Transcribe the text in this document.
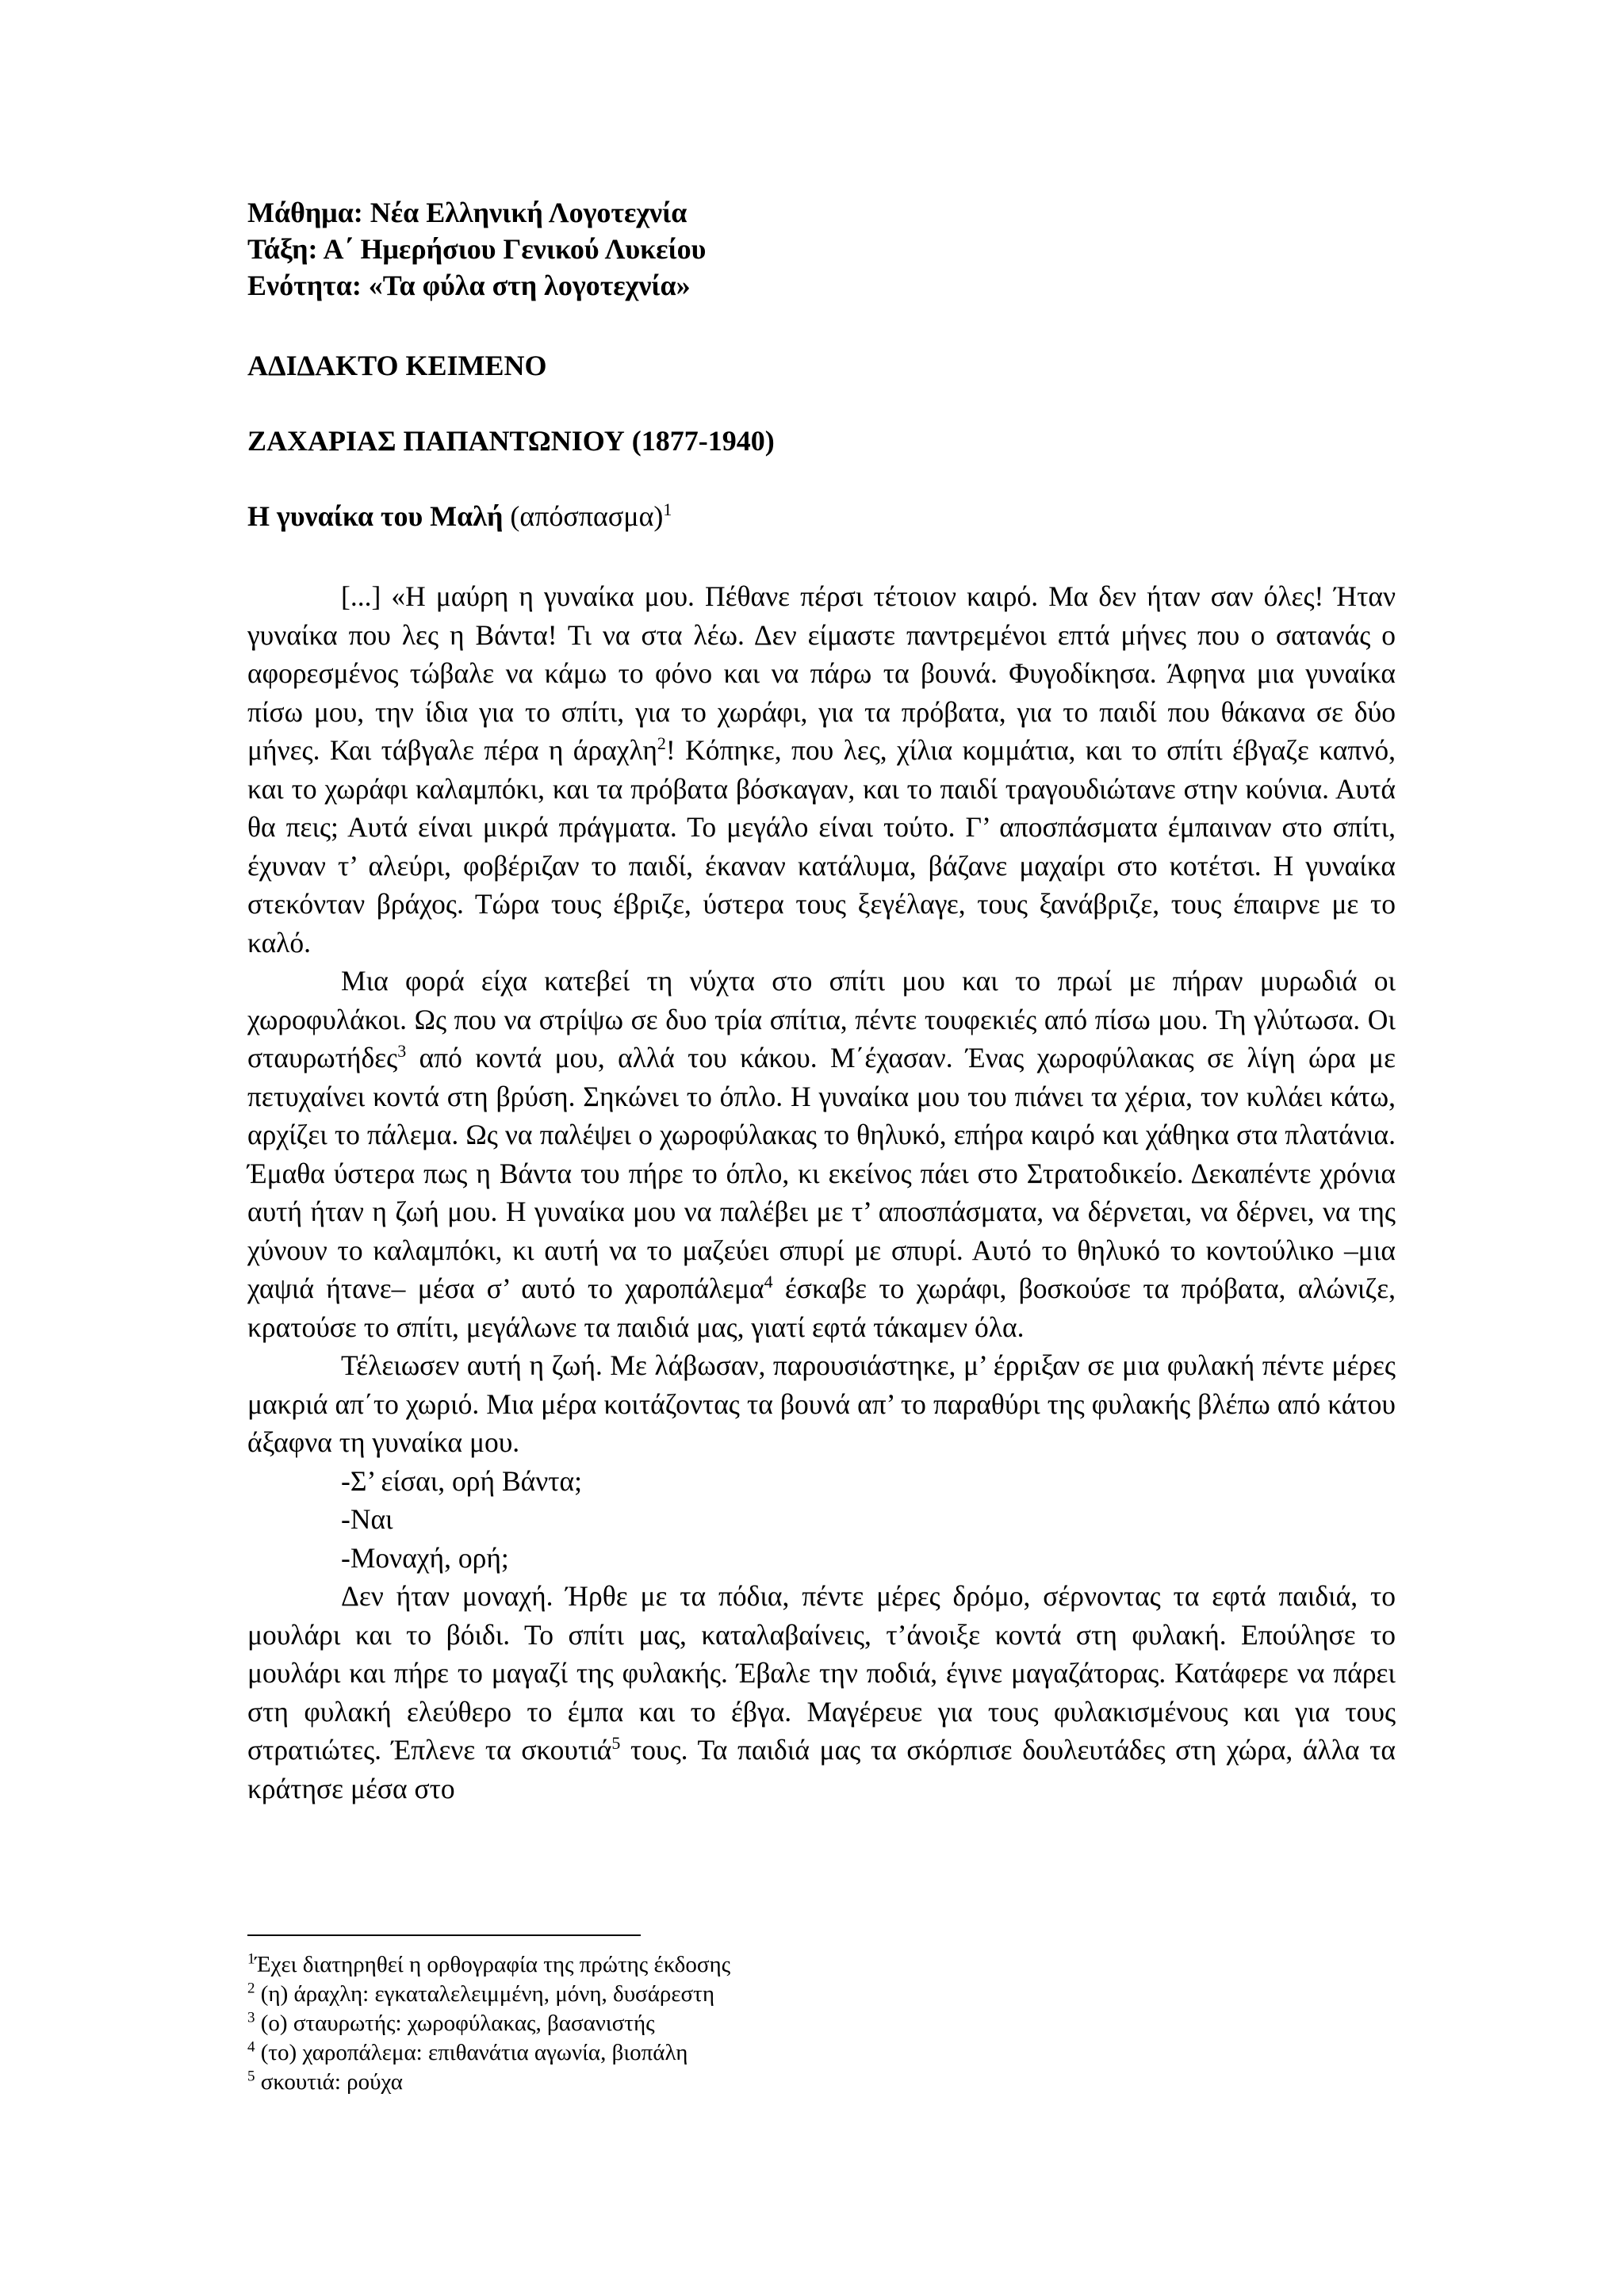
Μάθημα: Νέα Ελληνική Λογοτεχνία
Τάξη: Α΄ Ημερήσιου Γενικού Λυκείου
Ενότητα: «Τα φύλα στη λογοτεχνία»
ΑΔΙΔΑΚΤΟ ΚΕΙΜΕΝΟ
ΖΑΧΑΡΙΑΣ ΠΑΠΑΝΤΩΝΙΟΥ (1877-1940)
Η γυναίκα του Μαλή $(\alpha\pi ό\sigma\pi\alpha\sigma\mu\alpha)^1$

[...] «Η μαύρη η γυναίκα μου. Πέθανε πέρσι τέτοιον καιρό. Μα δεν ήταν σαν όλες! Ήταν γυναίκα που λες η Βάντα! Τι να στα λέω. Δεν είμαστε παντρεμένοι επτά μήνες που ο σατανάς ο αφορεσμένος τώβαλε να κάμω το φόνο και να πάρω τα βουνά. Φυγοδίκησα. Άφηνα μια γυναίκα πίσω μου, την ίδια για το σπίτι, για το χωράφι, για τα πρόβατα, για το παιδί που θάκανα σε δύο μήνες. Και τάβγαλε πέρα η άραχλη$^2$! Κόπηκε, που λες, χίλια κομμάτια, και το σπίτι έβγαζε καπνό, και το χωράφι καλαμπόκι, και τα πρόβατα βόσκαγαν, και το παιδί τραγουδιώτανε στην κούνια. Αυτά θα πεις; Αυτά είναι μικρά πράγματα. Το μεγάλο είναι τούτο. Γ’ αποσπάσματα έμπαιναν στο σπίτι, έχυναν τ’ αλεύρι, φοβέριζαν το παιδί, έκαναν κατάλυμα, βάζανε μαχαίρι στο κοτέτσι. Η γυναίκα στεκόνταν βράχος. Τώρα τους έβριζε, ύστερα τους ξεγέλαγε, τους ξανάβριζε, τους έπαιρνε με το καλό.

Μια φορά είχα κατεβεί τη νύχτα στο σπίτι μου και το πρωί με πήραν μυρωδιά οι χωροφυλάκοι. Ως που να στρίψω σε δυο τρία σπίτια, πέντε τουφεκιές από πίσω μου. Τη γλύτωσα. Οι σταυρωτήδες$^3$ από κοντά μου, αλλά του κάκου. Μ΄έχασαν. Ένας χωροφύλακας σε λίγη ώρα με πετυχαίνει κοντά στη βρύση. Σηκώνει το όπλο. Η γυναίκα μου του πιάνει τα χέρια, τον κυλάει κάτω, αρχίζει το πάλεμα. Ως να παλέψει ο χωροφύλακας το θηλυκό, επήρα καιρό και χάθηκα στα πλατάνια. Έμαθα ύστερα πως η Βάντα του πήρε το όπλο, κι εκείνος πάει στο Στρατοδικείο. Δεκαπέντε χρόνια αυτή ήταν η ζωή μου. Η γυναίκα μου να παλέβει με τ’ αποσπάσματα, να δέρνεται, να δέρνει, να της χύνουν το καλαμπόκι, κι αυτή να το μαζεύει σπυρί με σπυρί. Αυτό το θηλυκό το κοντούλικο –μια χαψιά ήτανε– μέσα σ’ αυτό το χαροπάλεμα$^4$ έσκαβε το χωράφι, βοσκούσε τα πρόβατα, αλώνιζε, κρατούσε το σπίτι, μεγάλωνε τα παιδιά μας, γιατί εφτά τάκαμεν όλα.

Τέλειωσεν αυτή η ζωή. Με λάβωσαν, παρουσιάστηκε, μ’ έρριξαν σε μια φυλακή πέντε μέρες μακριά απ΄το χωριό. Μια μέρα κοιτάζοντας τα βουνά απ’ το παραθύρι της φυλακής βλέπω από κάτου άξαφνα τη γυναίκα μου.

-Σ’ είσαι, ορή Βάντα;

-Ναι

-Μοναχή, ορή;

Δεν ήταν μοναχή. Ήρθε με τα πόδια, πέντε μέρες δρόμο, σέρνοντας τα εφτά παιδιά, το μουλάρι και το βόιδι. Το σπίτι μας, καταλαβαίνεις, τ’άνοιξε κοντά στη φυλακή. Επούλησε το μουλάρι και πήρε το μαγαζί της φυλακής. Έβαλε την ποδιά, έγινε μαγαζάτορας. Κατάφερε να πάρει στη φυλακή ελεύθερο το έμπα και το έβγα. Μαγέρευε για τους φυλακισμένους και για τους στρατιώτες. Έπλενε τα σκουτιά$^5$ τους. Τα παιδιά μας τα σκόρπισε δουλευτάδες στη χώρα, άλλα τα κράτησε μέσα στο

$^1$Έχει διατηρηθεί η ορθογραφία της πρώτης έκδοσης
$^2$ (η) άραχλη: εγκαταλελειμμένη, μόνη, δυσάρεστη
$^3$ (ο) σταυρωτής: χωροφύλακας, βασανιστής
$^4$ (το) χαροπάλεμα: επιθανάτια αγωνία, βιοπάλη
$^5$ σκουτιά: ρούχα
